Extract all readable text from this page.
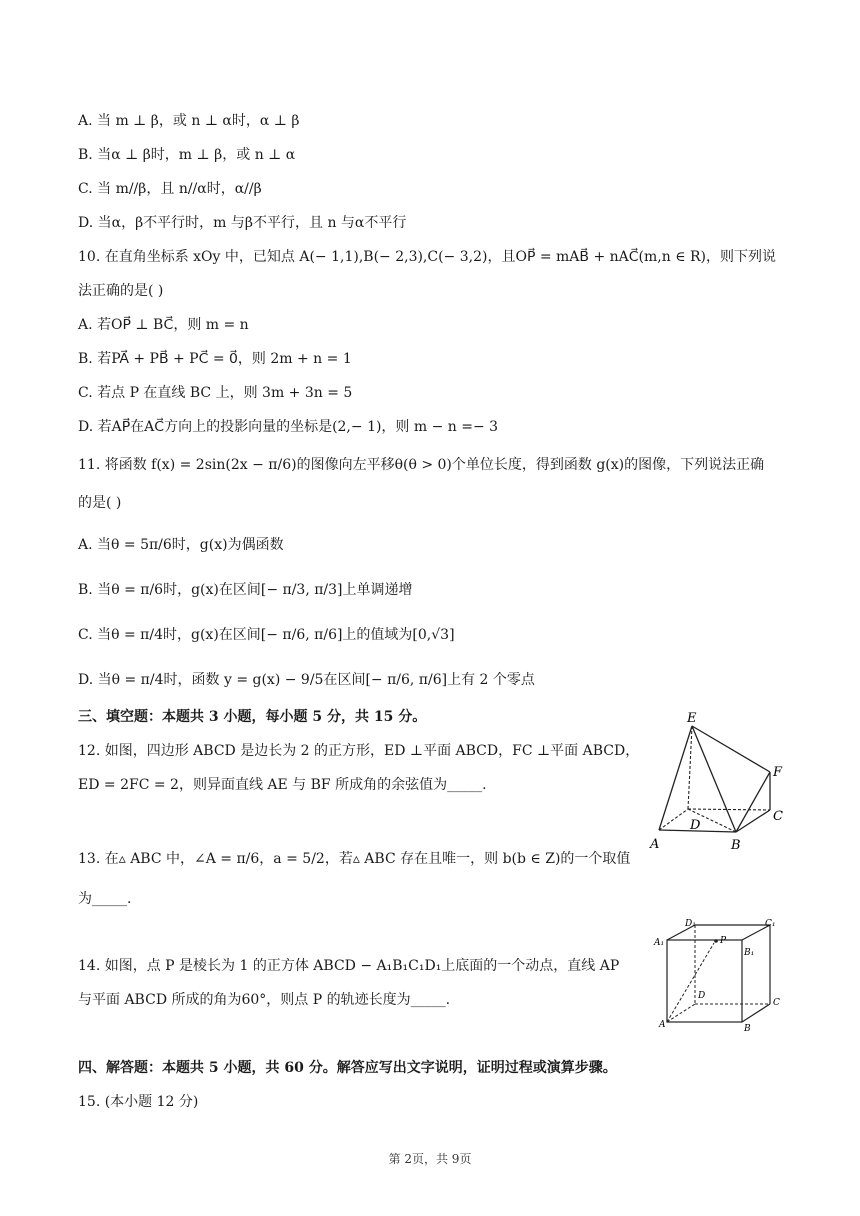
A. 当 m ⊥ β，或 n ⊥ α时，α ⊥ β
B. 当α ⊥ β时，m ⊥ β，或 n ⊥ α
C. 当 m//β，且 n//α时，α//β
D. 当α，β不平行时，m 与β不平行，且 n 与α不平行
10. 在直角坐标系 xOy 中，已知点 A(− 1,1),B(− 2,3),C(− 3,2)，且OP⃗ = mAB⃗ + nAC⃗(m,n ∈ R)，则下列说
法正确的是( )
A. 若OP⃗ ⊥ BC⃗，则 m = n
B. 若PA⃗ + PB⃗ + PC⃗ = 0⃗，则 2m + n = 1
C. 若点 P 在直线 BC 上，则 3m + 3n = 5
D. 若AP⃗在AC⃗方向上的投影向量的坐标是(2,− 1)，则 m − n =− 3
11. 将函数 f(x) = 2sin(2x − π/6)的图像向左平移θ(θ > 0)个单位长度，得到函数 g(x)的图像，下列说法正确
的是( )
A. 当θ = 5π/6时，g(x)为偶函数
B. 当θ = π/6时，g(x)在区间[− π/3, π/3]上单调递增
C. 当θ = π/4时，g(x)在区间[− π/6, π/6]上的值域为[0,√3]
D. 当θ = π/4时，函数 y = g(x) − 9/5在区间[− π/6, π/6]上有 2 个零点
三、填空题：本题共 3 小题，每小题 5 分，共 15 分。
12. 如图，四边形 ABCD 是边长为 2 的正方形，ED ⊥平面 ABCD，FC ⊥平面 ABCD，
ED = 2FC = 2，则异面直线 AE 与 BF 所成角的余弦值为_____.
E
F
C
D
A	B
13. 在▵ ABC 中，∠A = π/6，a = 5/2，若▵ ABC 存在且唯一，则 b(b ∈ Z)的一个取值
为_____.
D₁	C₁
A₁
B₁
P
D
C
A	B
14. 如图，点 P 是棱长为 1 的正方体 ABCD − A₁B₁C₁D₁上底面的一个动点，直线 AP
与平面 ABCD 所成的角为60°，则点 P 的轨迹长度为_____.
四、解答题：本题共 5 小题，共 60 分。解答应写出文字说明，证明过程或演算步骤。
15. (本小题 12 分)
第 2页，共 9页
